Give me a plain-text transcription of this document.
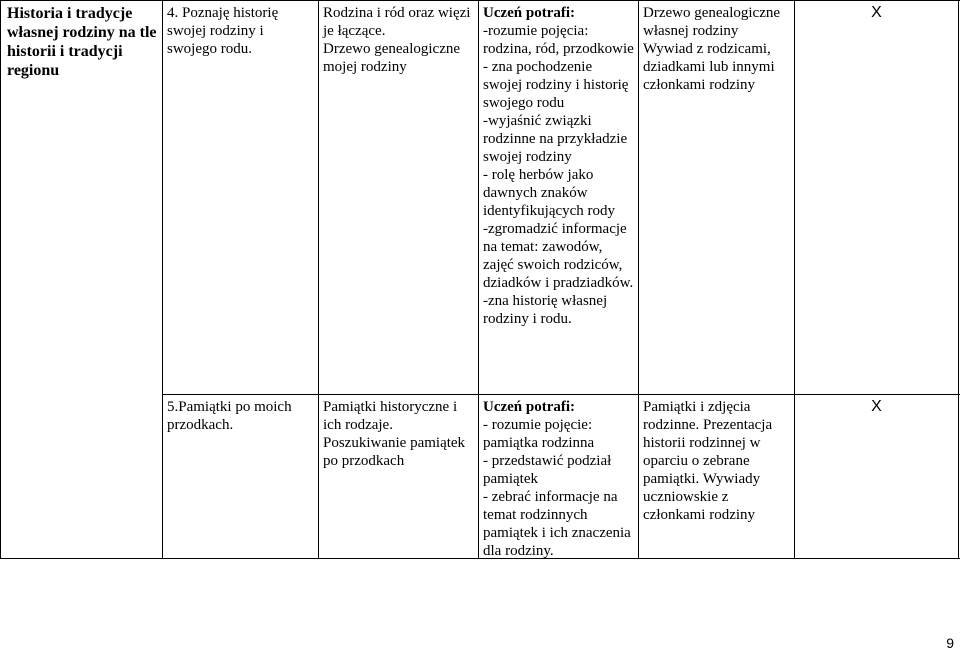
Historia i tradycje własnej rodziny na tle historii i tradycji regionu

4. Poznaję historię swojej rodziny i swojego rodu.

Rodzina i ród oraz więzi je łączące.

Drzewo genealogiczne mojej rodziny

Uczeń potrafi:

-rozumie pojęcia: rodzina, ród, przodkowie
- zna pochodzenie swojej rodziny i historię swojego rodu
-wyjaśnić związki rodzinne na przykładzie swojej rodziny
- rolę herbów jako dawnych znaków identyfikujących rody
-zgromadzić informacje na temat: zawodów, zajęć swoich rodziców, dziadków i pradziadków.
-zna historię własnej rodziny i rodu.

Drzewo genealogiczne własnej rodziny
Wywiad z rodzicami, dziadkami lub innymi członkami rodziny

X

5.Pamiątki po moich przodkach.

Pamiątki historyczne i ich rodzaje.

Poszukiwanie pamiątek po przodkach

Uczeń potrafi:

- rozumie pojęcie: pamiątka rodzinna
- przedstawić podział pamiątek
- zebrać informacje na temat rodzinnych pamiątek i ich znaczenia dla rodziny.

Pamiątki i zdjęcia rodzinne. Prezentacja historii rodzinnej w oparciu o zebrane pamiątki. Wywiady uczniowskie z członkami rodziny

X

9
